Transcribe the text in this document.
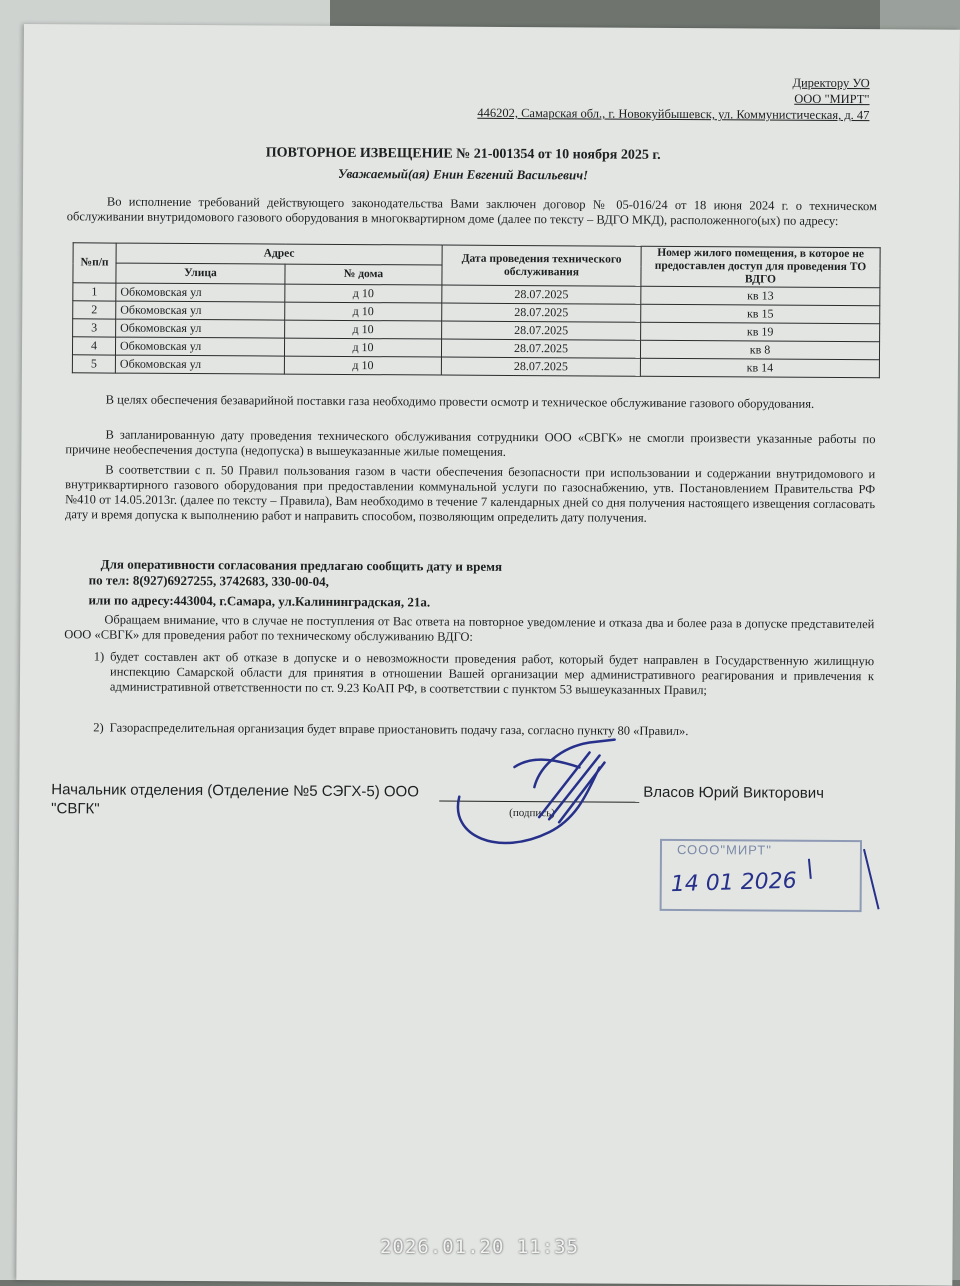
Директору УО
ООО "МИРТ"
446202, Самарская обл., г. Новокуйбышевск, ул. Коммунистическая, д. 47
ПОВТОРНОЕ ИЗВЕЩЕНИЕ № 21-001354 от 10 ноября 2025 г.
Уважаемый(ая) Енин Евгений Васильевич!
Во исполнение требований действующего законодательства Вами заключен договор № 05-016/24 от 18 июня 2024 г. о техническом обслуживании внутридомового газового оборудования в многоквартирном доме (далее по тексту – ВДГО МКД), расположенного(ых) по адресу:
№п/п	Адрес		Дата проведения технического обслуживания	Номер жилого помещения, в которое не предоставлен доступ для проведения ТО ВДГО
	Улица	№ дома		
1	Обкомовская ул	д 10	28.07.2025	кв 13
2	Обкомовская ул	д 10	28.07.2025	кв 15
3	Обкомовская ул	д 10	28.07.2025	кв 19
4	Обкомовская ул	д 10	28.07.2025	кв 8
5	Обкомовская ул	д 10	28.07.2025	кв 14
В целях обеспечения безаварийной поставки газа необходимо провести осмотр и техническое обслуживание газового оборудования.
В запланированную дату проведения технического обслуживания сотрудники ООО «СВГК» не смогли произвести указанные работы по причине необеспечения доступа (недопуска) в вышеуказанные жилые помещения.
В соответствии с п. 50 Правил пользования газом в части обеспечения безопасности при использовании и содержании внутридомового и внутриквартирного газового оборудования при предоставлении коммунальной услуги по газоснабжению, утв. Постановлением Правительства РФ №410 от 14.05.2013г. (далее по тексту – Правила), Вам необходимо в течение 7 календарных дней со дня получения настоящего извещения согласовать дату и время допуска к выполнению работ и направить способом, позволяющим определить дату получения.
Для оперативности согласования предлагаю сообщить дату и время
по тел: 8(927)6927255, 3742683, 330-00-04,
или по адресу:443004, г.Самара, ул.Калининградская, 21а.
Обращаем внимание, что в случае не поступления от Вас ответа на повторное уведомление и отказа два и более раза в допуске представителей ООО «СВГК» для проведения работ по техническому обслуживанию ВДГО:
1) будет составлен акт об отказе в допуске и о невозможности проведения работ, который будет направлен в Государственную жилищную инспекцию Самарской области для принятия в отношении Вашей организации мер административного реагирования и привлечения к административной ответственности по ст. 9.23 КоАП РФ, в соответствии с пунктом 53 вышеуказанных Правил;
2) Газораспределительная организация будет вправе приостановить подачу газа, согласно пункту 80 «Правил».
Начальник отделения (Отделение №5 СЭГХ-5) ООО "СВГК"	(подпись)
Власов Юрий Викторович
СООО"МИРТ"
14 01 2026
2026.01.20 11:35
